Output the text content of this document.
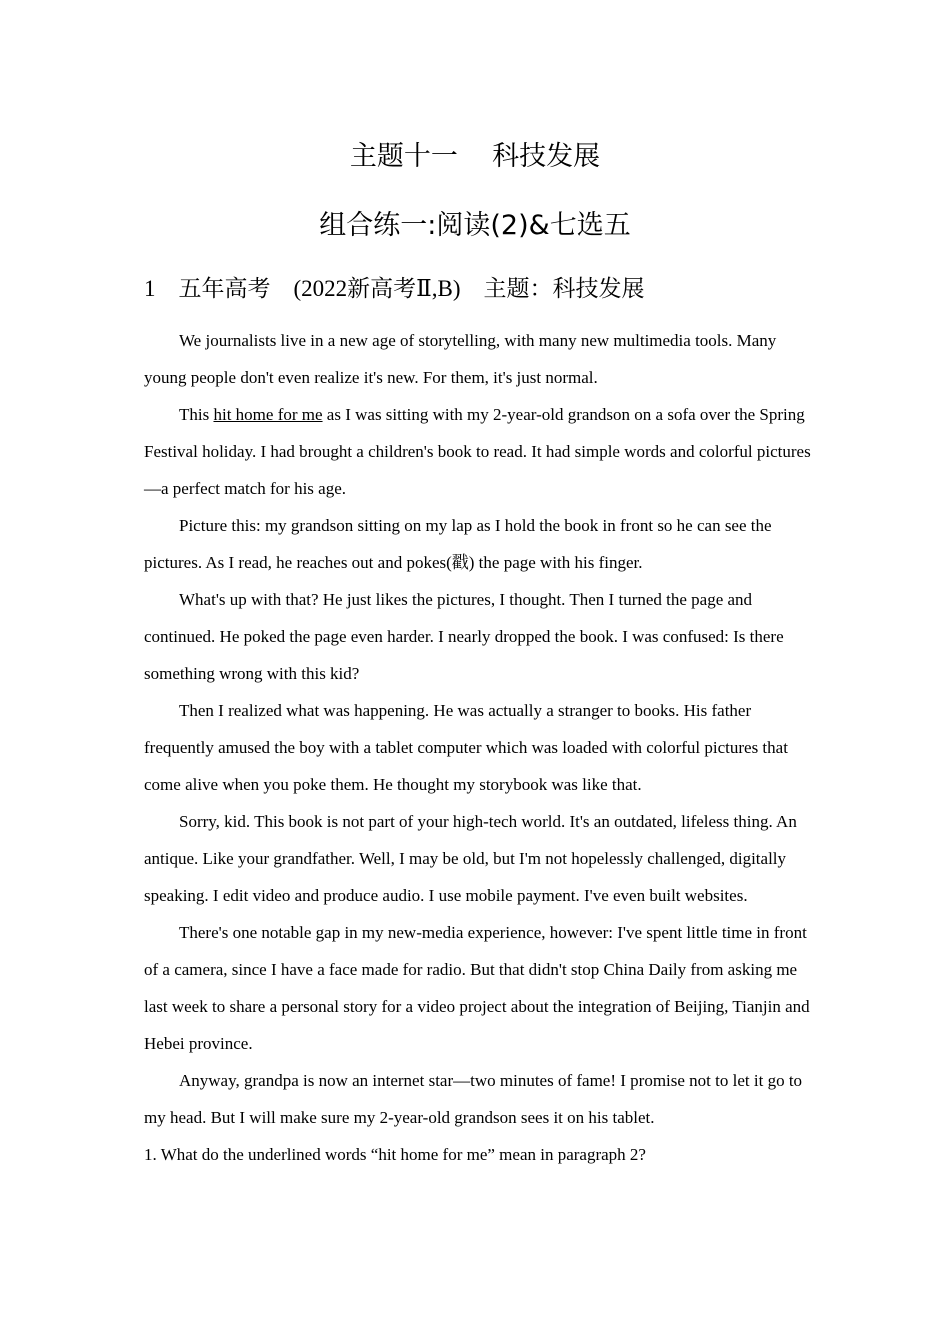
主题十一    科技发展
组合练一:阅读(2)&七选五
1 五年高考 (2022新高考Ⅱ,B) 主题：科技发展

We journalists live in a new age of storytelling, with many new multimedia tools. Many young people don't even realize it's new. For them, it's just normal.

This hit home for me as I was sitting with my 2-year-old grandson on a sofa over the Spring Festival holiday. I had brought a children's book to read. It had simple words and colorful pictures—a perfect match for his age.

Picture this: my grandson sitting on my lap as I hold the book in front so he can see the pictures. As I read, he reaches out and pokes(戳) the page with his finger.

What's up with that? He just likes the pictures, I thought. Then I turned the page and continued. He poked the page even harder. I nearly dropped the book. I was confused: Is there something wrong with this kid?

Then I realized what was happening. He was actually a stranger to books. His father frequently amused the boy with a tablet computer which was loaded with colorful pictures that come alive when you poke them. He thought my storybook was like that.

Sorry, kid. This book is not part of your high-tech world. It's an outdated, lifeless thing. An antique. Like your grandfather. Well, I may be old, but I'm not hopelessly challenged, digitally speaking. I edit video and produce audio. I use mobile payment. I've even built websites.

There's one notable gap in my new-media experience, however: I've spent little time in front of a camera, since I have a face made for radio. But that didn't stop China Daily from asking me last week to share a personal story for a video project about the integration of Beijing, Tianjin and Hebei province.

Anyway, grandpa is now an internet star—two minutes of fame! I promise not to let it go to my head. But I will make sure my 2-year-old grandson sees it on his tablet.

1. What do the underlined words “hit home for me” mean in paragraph 2?
